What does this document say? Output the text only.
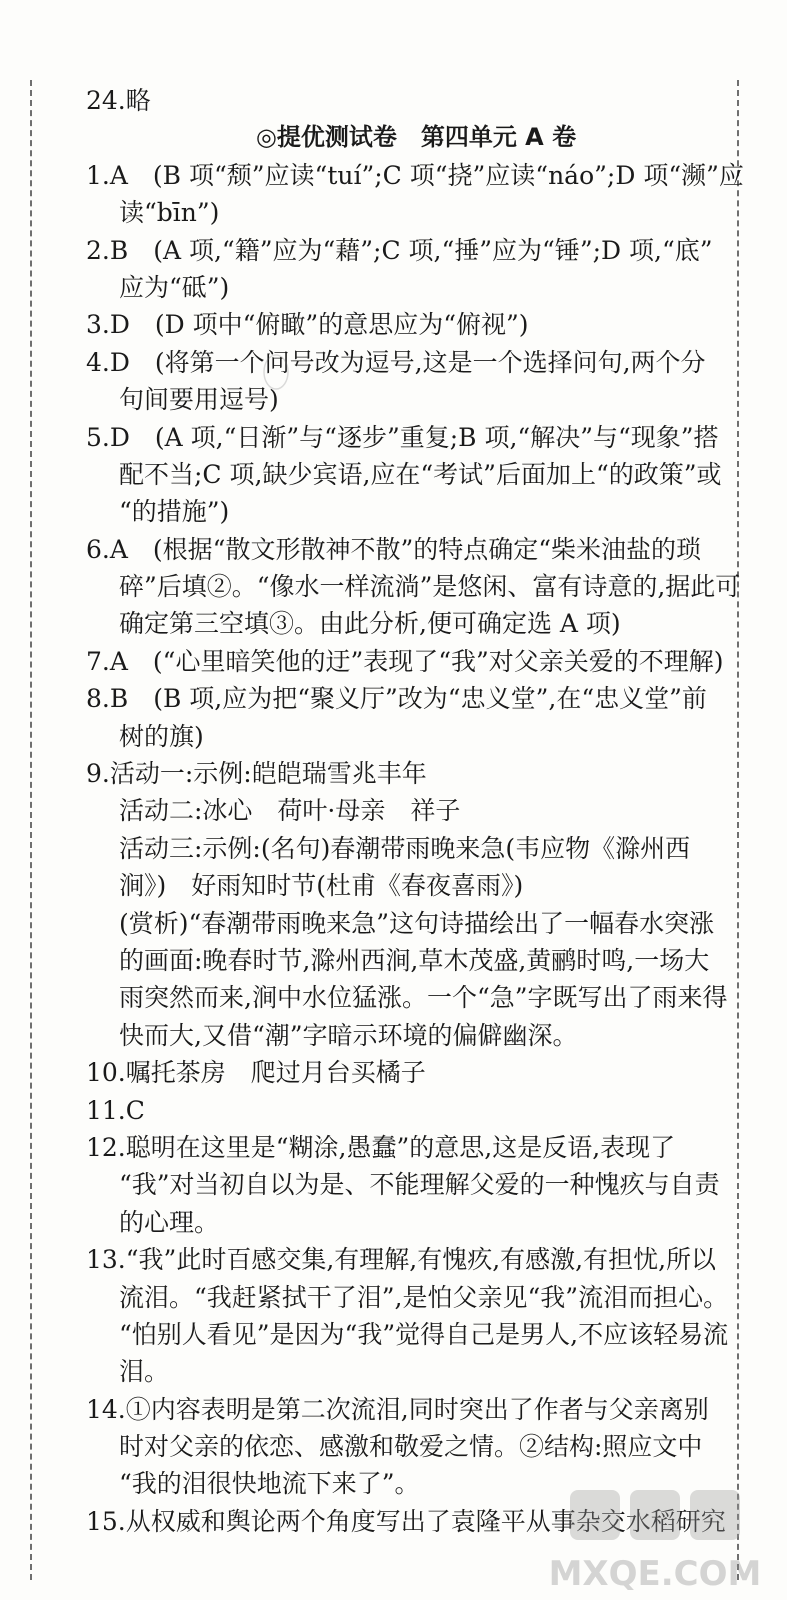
24.略
◎提优测试卷　第四单元 A 卷
1.A　(B 项“颓”应读“tuí”;C 项“挠”应读“náo”;D 项“濒”应
读“bīn”)
2.B　(A 项,“籍”应为“藉”;C 项,“捶”应为“锤”;D 项,“底”
应为“砥”)
3.D　(D 项中“俯瞰”的意思应为“俯视”)
4.D　(将第一个问号改为逗号,这是一个选择问句,两个分
句间要用逗号)
5.D　(A 项,“日渐”与“逐步”重复;B 项,“解决”与“现象”搭
配不当;C 项,缺少宾语,应在“考试”后面加上“的政策”或
“的措施”)
6.A　(根据“散文形散神不散”的特点确定“柴米油盐的琐
碎”后填②。“像水一样流淌”是悠闲、富有诗意的,据此可
确定第三空填③。由此分析,便可确定选 A 项)
7.A　(“心里暗笑他的迂”表现了“我”对父亲关爱的不理解)
8.B　(B 项,应为把“聚义厅”改为“忠义堂”,在“忠义堂”前
树的旗)
9.活动一:示例:皑皑瑞雪兆丰年
活动二:冰心　荷叶·母亲　祥子
活动三:示例:(名句)春潮带雨晚来急(韦应物《滁州西
涧》)　好雨知时节(杜甫《春夜喜雨》)
(赏析)“春潮带雨晚来急”这句诗描绘出了一幅春水突涨
的画面:晚春时节,滁州西涧,草木茂盛,黄鹂时鸣,一场大
雨突然而来,涧中水位猛涨。一个“急”字既写出了雨来得
快而大,又借“潮”字暗示环境的偏僻幽深。
10.嘱托茶房　爬过月台买橘子
11.C
12.聪明在这里是“糊涂,愚蠢”的意思,这是反语,表现了
“我”对当初自以为是、不能理解父爱的一种愧疚与自责
的心理。
13.“我”此时百感交集,有理解,有愧疚,有感激,有担忧,所以
流泪。“我赶紧拭干了泪”,是怕父亲见“我”流泪而担心。
“怕别人看见”是因为“我”觉得自己是男人,不应该轻易流
泪。
14.①内容表明是第二次流泪,同时突出了作者与父亲离别
时对父亲的依恋、感激和敬爱之情。②结构:照应文中
“我的泪很快地流下来了”。
15.从权威和舆论两个角度写出了袁隆平从事杂交水稻研究
MXQE.COM
